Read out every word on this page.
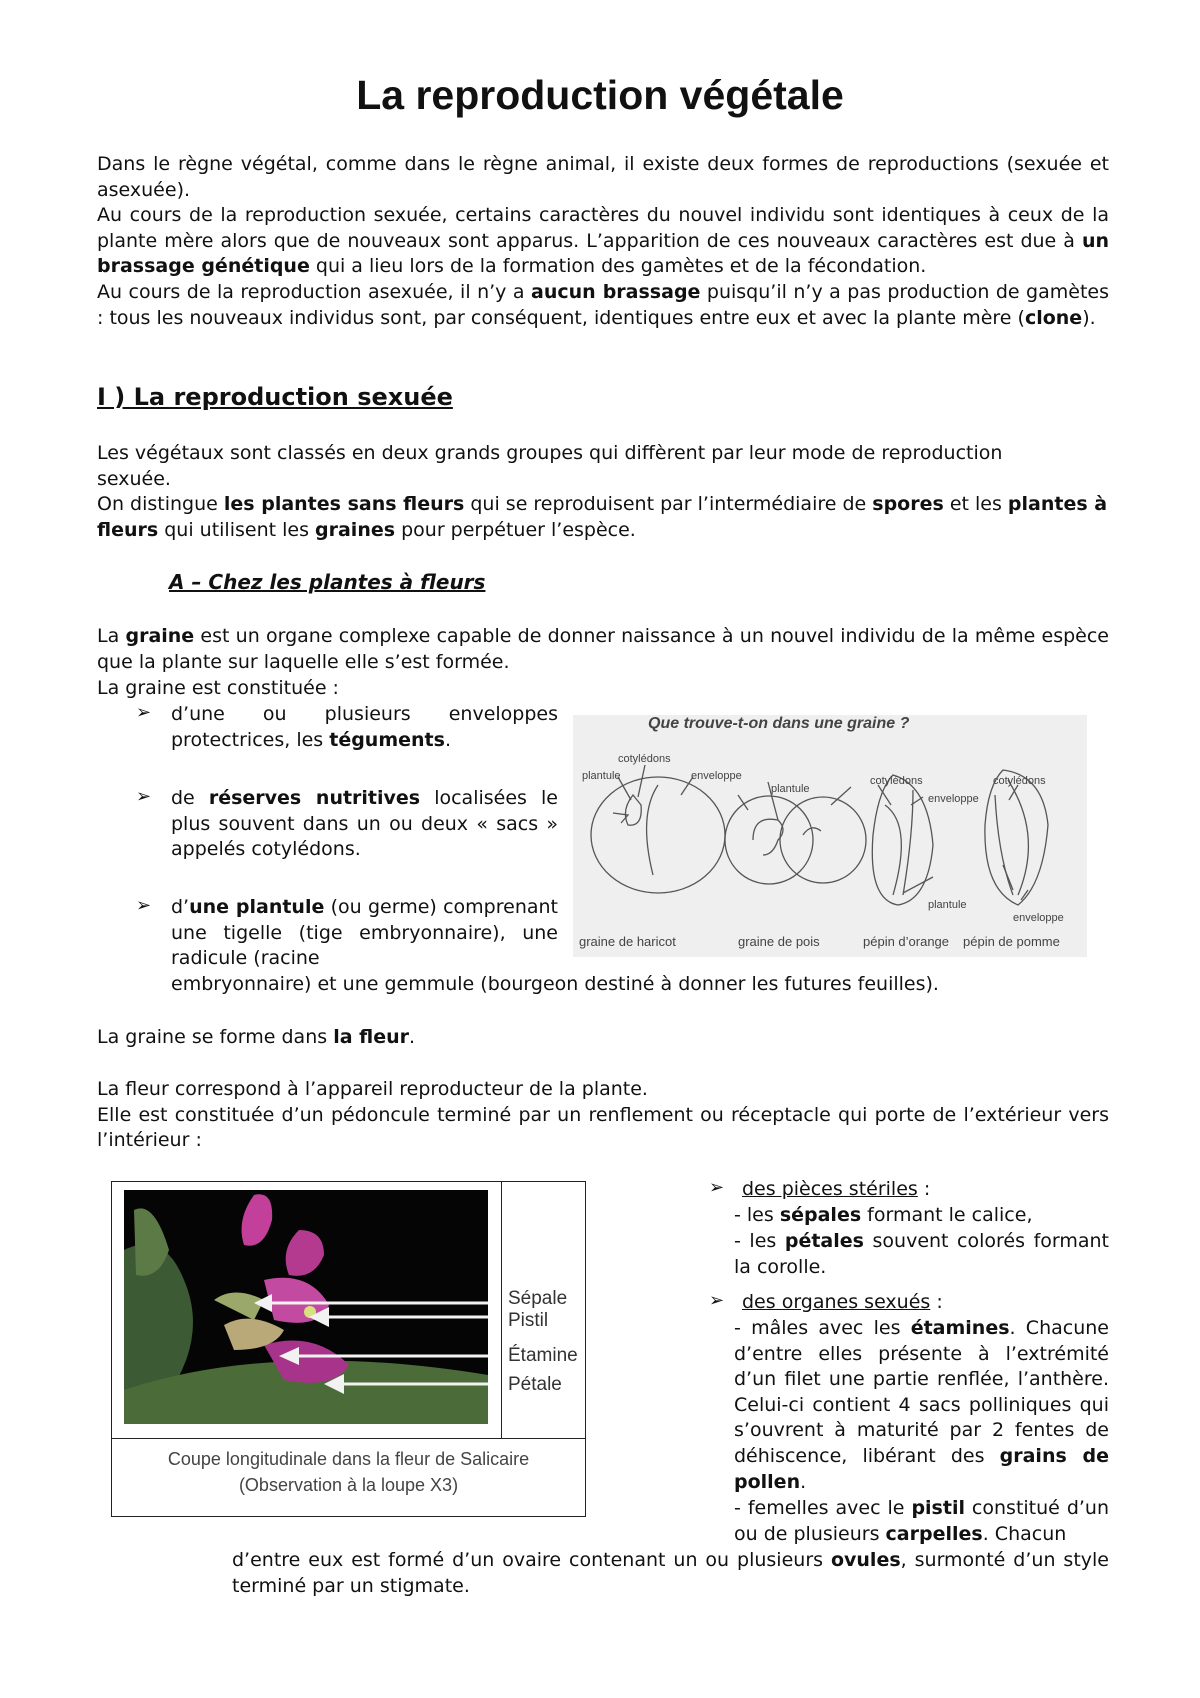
La reproduction végétale
Dans le règne végétal, comme dans le règne animal, il existe deux formes de reproductions (sexuée et asexuée).
Au cours de la reproduction sexuée, certains caractères du nouvel individu sont identiques à ceux de la plante mère alors que de nouveaux sont apparus. L’apparition de ces nouveaux caractères est due à un brassage génétique qui a lieu lors de la formation des gamètes et de la fécondation.
Au cours de la reproduction asexuée, il n’y a aucun brassage puisqu’il n’y a pas production de gamètes : tous les nouveaux individus sont, par conséquent, identiques entre eux et avec la plante mère (clone).
I ) La reproduction sexuée
Les végétaux sont classés en deux grands groupes qui diffèrent par leur mode de reproduction sexuée.
On distingue les plantes sans fleurs qui se reproduisent par l’intermédiaire de spores et les plantes à fleurs qui utilisent les graines pour perpétuer l’espèce.
A – Chez les plantes à fleurs
La graine est un organe complexe capable de donner naissance à un nouvel individu de la même espèce que la plante sur laquelle elle s’est formée.
La graine est constituée :
➢ d’une ou plusieurs enveloppes protectrices, les téguments.
➢ de réserves nutritives localisées le plus souvent dans un ou deux « sacs » appelés cotylédons.
➢ d’une plantule (ou germe) comprenant une tigelle (tige embryonnaire), une radicule (racine
embryonnaire) et une gemmule (bourgeon destiné à donner les futures feuilles).
Que trouve-t-on dans une graine ?
cotylédons
plantule	enveloppe
plantule
cotylédons
enveloppe
cotylédons
plantule
enveloppe
graine de haricot	graine de pois	pépin d’orange pépin de pomme
La graine se forme dans la fleur.
La fleur correspond à l’appareil reproducteur de la plante.
Elle est constituée d’un pédoncule terminé par un renflement ou réceptacle qui porte de l’extérieur vers l’intérieur :
Sépale
Pistil
Étamine
Pétale
Coupe longitudinale dans la fleur de Salicaire
(Observation à la loupe X3)
➢ des pièces stériles :
- les sépales formant le calice,
- les pétales souvent colorés formant la corolle.
➢ des organes sexués :
- mâles avec les étamines. Chacune d’entre elles présente à l’extrémité d’un filet une partie renflée, l’anthère. Celui-ci contient 4 sacs polliniques qui s’ouvrent à maturité par 2 fentes de déhiscence, libérant des grains de pollen.
- femelles avec le pistil constitué d’un ou de plusieurs carpelles. Chacun
d’entre eux est formé d’un ovaire contenant un ou plusieurs ovules, surmonté d’un style terminé par un stigmate.
